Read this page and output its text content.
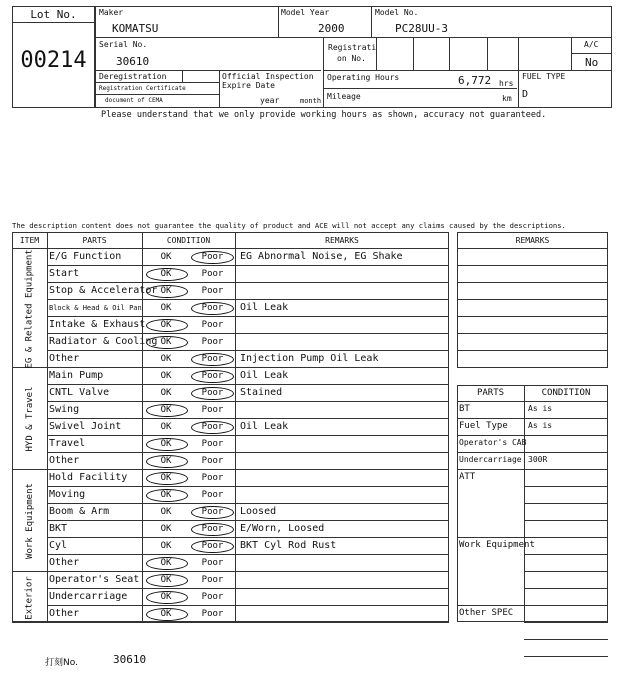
Lot No.
00214
Maker
KOMATSU
Model Year
2000
Model No.
PC28UU-3
Serial No.
30610
Registrati
on No.
A/C
No
Deregistration
Registration Certificate
document of CEMA
Official Inspection
Expire Date
year	month
Operating Hours	6,772 hrs
Mileage	km
FUEL TYPE
D
Please understand that we only provide working hours as shown, accuracy not guaranteed.
The description content does not guarantee the quality of product and ACE will not accept any claims caused by the descriptions.
ITEM	PARTS	CONDITION	REMARKS
E/G Function	OK	Poor	EG Abnormal Noise, EG Shake
Start	OK	Poor
Stop & Accelerator OK	Poor
Block & Head & Oil Pan	OK	Poor	Oil Leak
Intake & Exhaust	OK	Poor
Radiator & Cooling OK	Poor
Other	OK	Poor	Injection Pump Oil Leak
EG & Related Equipment
Main Pump	OK	Poor	Oil Leak
CNTL Valve	OK	Poor	Stained
Swing	OK	Poor
Swivel Joint	OK	Poor	Oil Leak
Travel	OK	Poor
Other	OK	Poor
HYD & Travel
Hold Facility	OK	Poor
Moving	OK	Poor
Boom & Arm	OK	Poor	Loosed
BKT	OK	Poor	E/Worn, Loosed
Cyl	OK	Poor	BKT Cyl Rod Rust
Other	OK	Poor
Work Equipment
Operator's Seat	OK	Poor
Undercarriage	OK	Poor
Other	OK	Poor
Exterior
REMARKS
PARTS	CONDITION
BT	As is
Fuel Type	As is
Operator's CAB
Undercarriage 300R
ATT
Work Equipment
Other SPEC
打刻No.	30610
